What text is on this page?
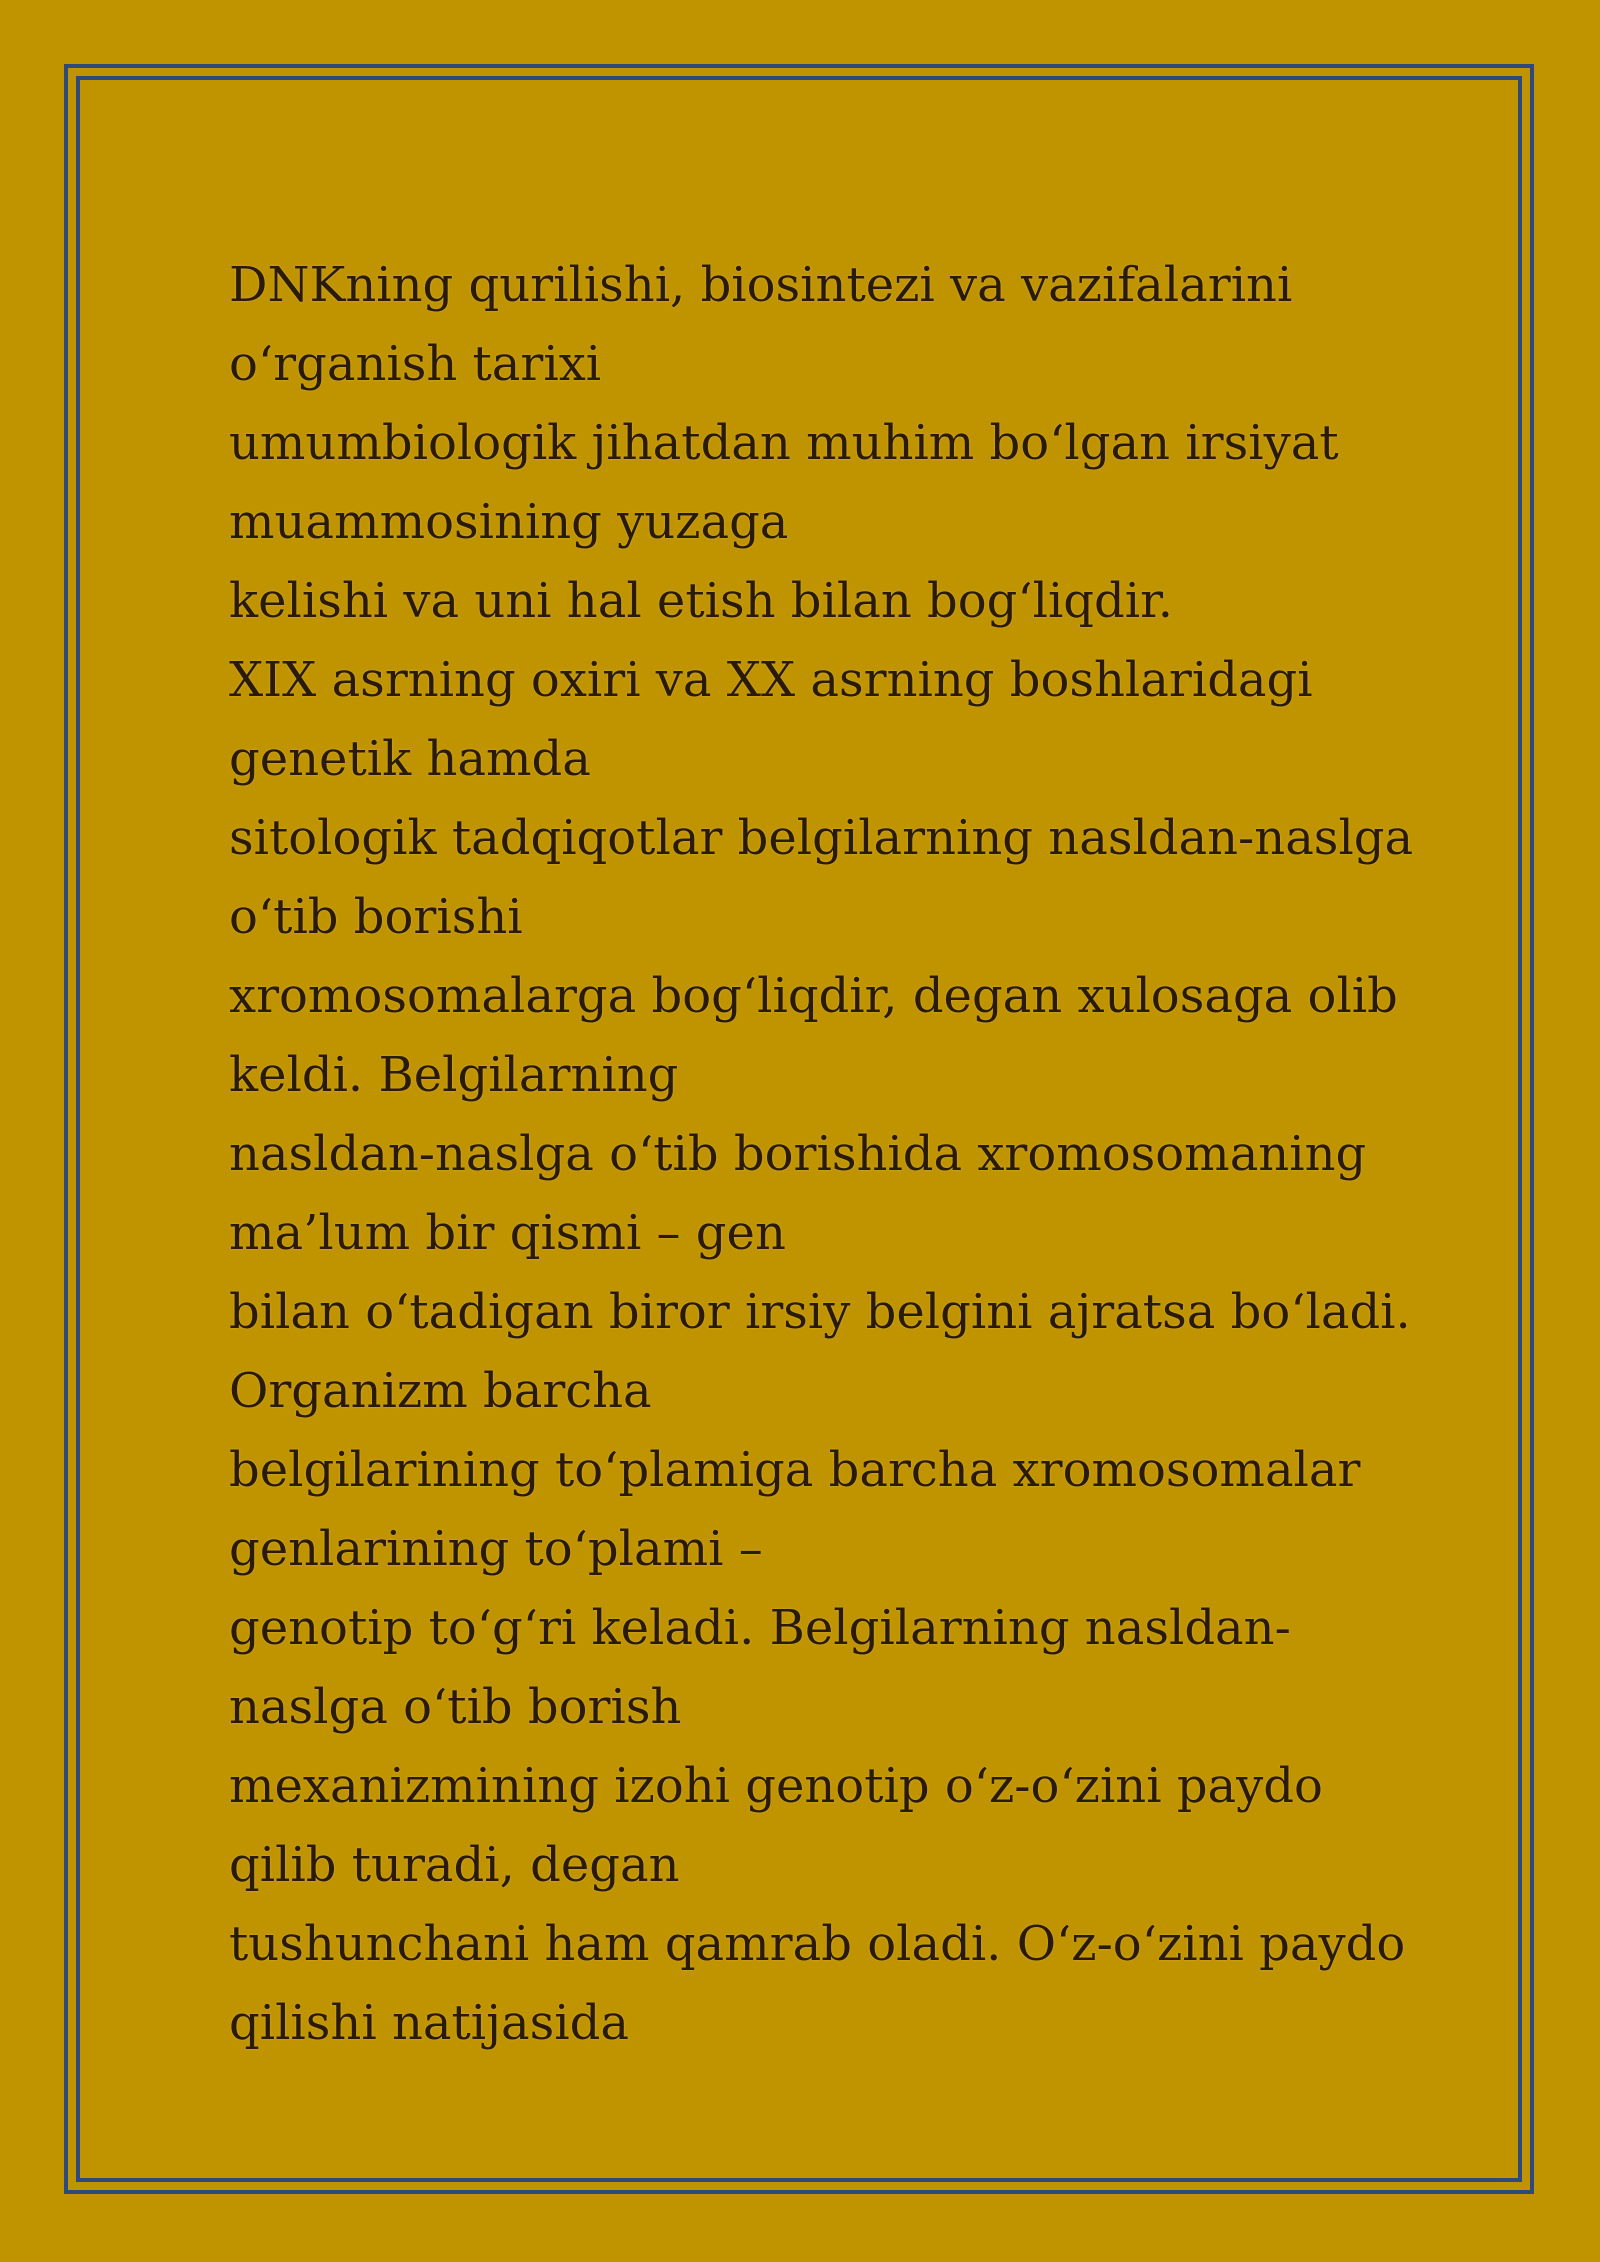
DNKning qurilishi, biosintezi va vazifalarini
o‘rganish tarixi
umumbiologik jihatdan muhim bo‘lgan irsiyat
muammosining yuzaga
kelishi va uni hal etish bilan bog‘liqdir.
XIX asrning oxiri va XX asrning boshlaridagi
genetik hamda
sitologik tadqiqotlar belgilarning nasldan-naslga
o‘tib borishi
xromosomalarga bog‘liqdir, degan xulosaga olib
keldi. Belgilarning
nasldan-naslga o‘tib borishida xromosomaning
ma’lum bir qismi – gen
bilan o‘tadigan biror irsiy belgini ajratsa bo‘ladi.
Organizm barcha
belgilarining to‘plamiga barcha xromosomalar
genlarining to‘plami –
genotip to‘g‘ri keladi. Belgilarning nasldan-
naslga o‘tib borish
mexanizmining izohi genotip o‘z-o‘zini paydo
qilib turadi, degan
tushunchani ham qamrab oladi. O‘z-o‘zini paydo
qilishi natijasida
